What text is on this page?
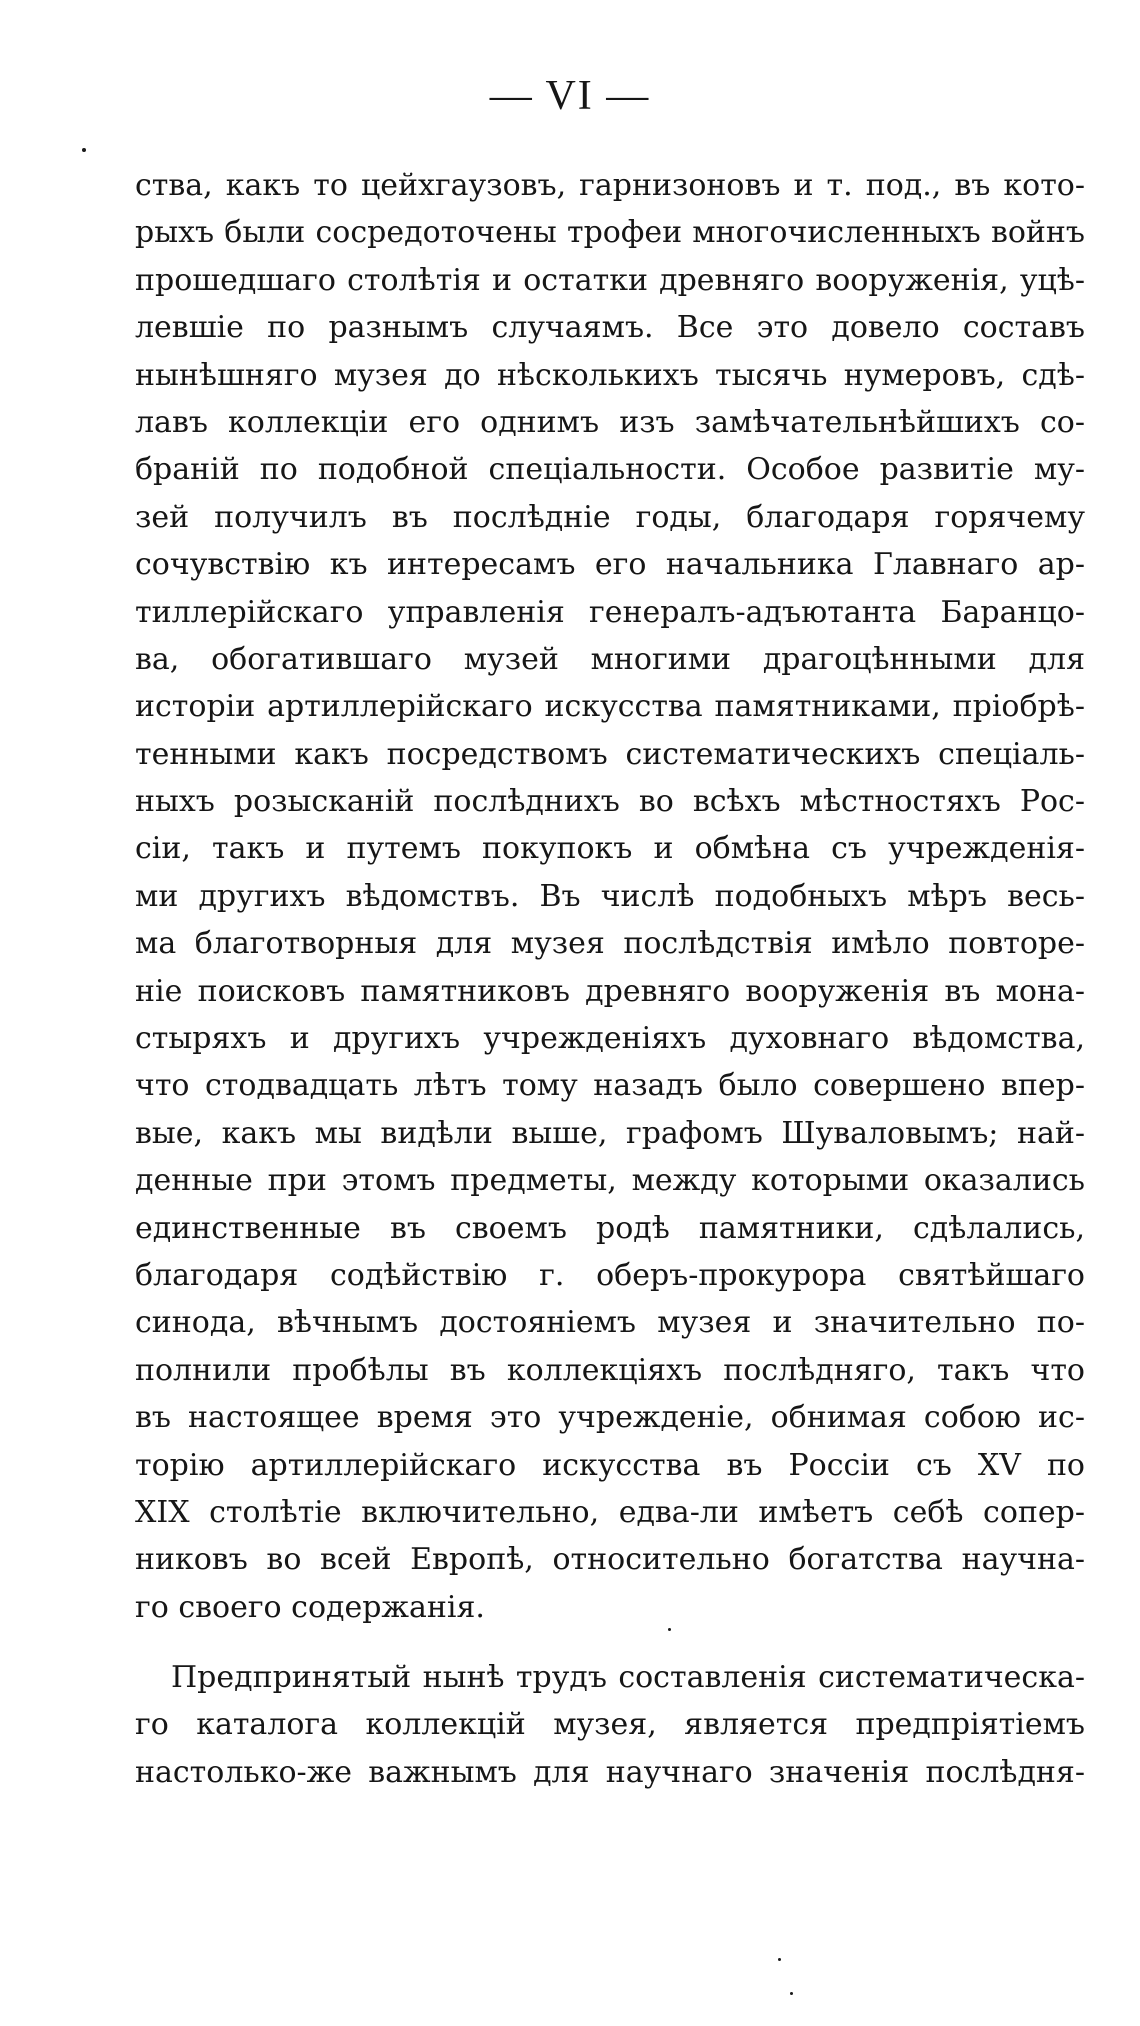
— VI —
ства, какъ то цейхгаузовъ, гарнизоновъ и т. под., въ кото-
рыхъ были сосредоточены трофеи многочисленныхъ войнъ
прошедшаго столѣтія и остатки древняго вооруженія, уцѣ-
левшіе по разнымъ случаямъ. Все это довело составъ
нынѣшняго музея до нѣсколькихъ тысячь нумеровъ, сдѣ-
лавъ коллекціи его однимъ изъ замѣчательнѣйшихъ со-
браній по подобной спеціальности. Особое развитіе му-
зей получилъ въ послѣдніе годы, благодаря горячему
сочувствію къ интересамъ его начальника Главнаго ар-
тиллерійскаго управленія генералъ-адъютанта Баранцо-
ва, обогатившаго музей многими драгоцѣнными для
исторіи артиллерійскаго искусства памятниками, пріобрѣ-
тенными какъ посредствомъ систематическихъ спеціаль-
ныхъ розысканій послѣднихъ во всѣхъ мѣстностяхъ Рос-
сіи, такъ и путемъ покупокъ и обмѣна съ учрежденія-
ми другихъ вѣдомствъ. Въ числѣ подобныхъ мѣръ весь-
ма благотворныя для музея послѣдствія имѣло повторе-
ніе поисковъ памятниковъ древняго вооруженія въ мона-
стыряхъ и другихъ учрежденіяхъ духовнаго вѣдомства,
что стодвадцать лѣтъ тому назадъ было совершено впер-
вые, какъ мы видѣли выше, графомъ Шуваловымъ; най-
денные при этомъ предметы, между которыми оказались
единственные въ своемъ родѣ памятники, сдѣлались,
благодаря содѣйствію г. оберъ-прокурора святѣйшаго
синода, вѣчнымъ достояніемъ музея и значительно по-
полнили пробѣлы въ коллекціяхъ послѣдняго, такъ что
въ настоящее время это учрежденіе, обнимая собою ис-
торію артиллерійскаго искусства въ Россіи съ XV по
XIX столѣтіе включительно, едва-ли имѣетъ себѣ сопер-
никовъ во всей Европѣ, относительно богатства научна-
го своего содержанія.
Предпринятый нынѣ трудъ составленія систематическа-
го каталога коллекцій музея, является предпріятіемъ
настолько-же важнымъ для научнаго значенія послѣдня-
